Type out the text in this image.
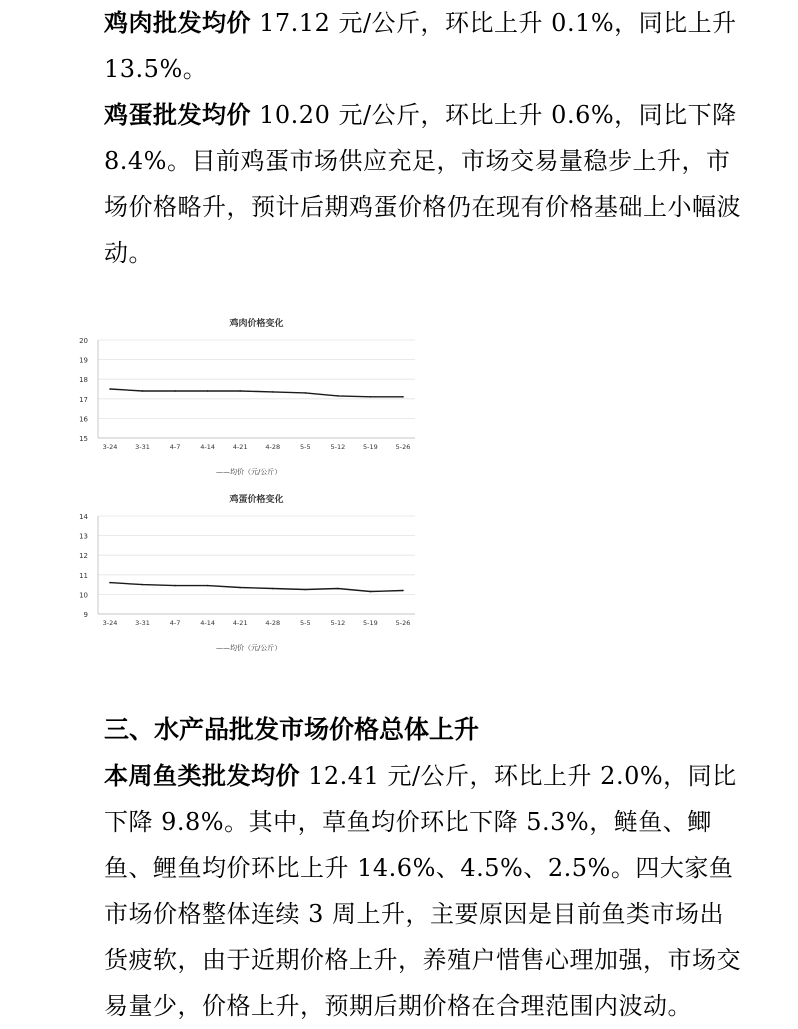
鸡肉批发均价 17.12 元/公斤，环比上升 0.1%，同比上升 13.5%。

鸡蛋批发均价 10.20 元/公斤，环比上升 0.6%，同比下降 8.4%。目前鸡蛋市场供应充足，市场交易量稳步上升，市场价格略升，预计后期鸡蛋价格仍在现有价格基础上小幅波动。

鸡肉价格变化
15
16
17
18
19
20
3-24	3-31	4-7	4-14	4-21	4-28	5-5	5-12	5-19	5-26
——均价（元/公斤）
鸡蛋价格变化
9
10
11
12
13
14
3-24	3-31	4-7	4-14	4-21	4-28	5-5	5-12	5-19	5-26
——均价（元/公斤）
三、水产品批发市场价格总体上升

本周鱼类批发均价 12.41 元/公斤，环比上升 2.0%，同比下降 9.8%。其中，草鱼均价环比下降 5.3%，鲢鱼、鲫鱼、鲤鱼均价环比上升 14.6%、4.5%、2.5%。四大家鱼市场价格整体连续 3 周上升，主要原因是目前鱼类市场出货疲软，由于近期价格上升，养殖户惜售心理加强，市场交易量少，价格上升，预期后期价格在合理范围内波动。
